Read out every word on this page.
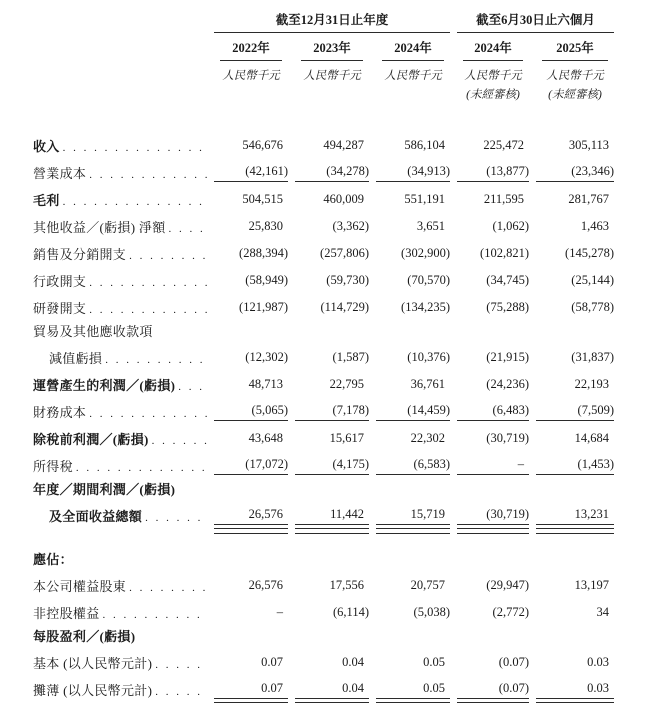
截至12月31日止年度	截至6月30日止六個月
2022年	2023年	2024年	2024年	2025年
人民幣千元	人民幣千元	人民幣千元	人民幣千元	人民幣千元
(未經審核)	(未經審核)
收入 . . .	546,676	494,287	586,104	225,472	305,113
營業成本 . . .	(42,161)	(34,278)	(34,913)	(13,877)	(23,346)
毛利 . . .	504,515	460,009	551,191	211,595	281,767
其他收益／(虧損) 淨額 . . .	25,830	(3,362)	3,651	(1,062)	1,463
銷售及分銷開支 . . .	(288,394)	(257,806)	(302,900)	(102,821)	(145,278)
行政開支 . . .	(58,949)	(59,730)	(70,570)	(34,745)	(25,144)
研發開支 . . .	(121,987)	(114,729)	(134,235)	(75,288)	(58,778)
貿易及其他應收款項
減值虧損 . . .	(12,302)	(1,587)	(10,376)	(21,915)	(31,837)
運營產生的利潤／(虧損) . . .	48,713	22,795	36,761	(24,236)	22,193
財務成本 . . .	(5,065)	(7,178)	(14,459)	(6,483)	(7,509)
除稅前利潤／(虧損) . . .	43,648	15,617	22,302	(30,719)	14,684
所得稅 . . .	(17,072)	(4,175)	(6,583)	–	(1,453)
年度／期間利潤／(虧損)
及全面收益總額 . . .	26,576	11,442	15,719	(30,719)	13,231
應佔：
本公司權益股東 . . .	26,576	17,556	20,757	(29,947)	13,197
非控股權益 . . .	–	(6,114)	(5,038)	(2,772)	34
每股盈利／(虧損)
基本 (以人民幣元計) . . .	0.07	0.04	0.05	(0.07)	0.03
攤薄 (以人民幣元計) . . .	0.07	0.04	0.05	(0.07)	0.03
